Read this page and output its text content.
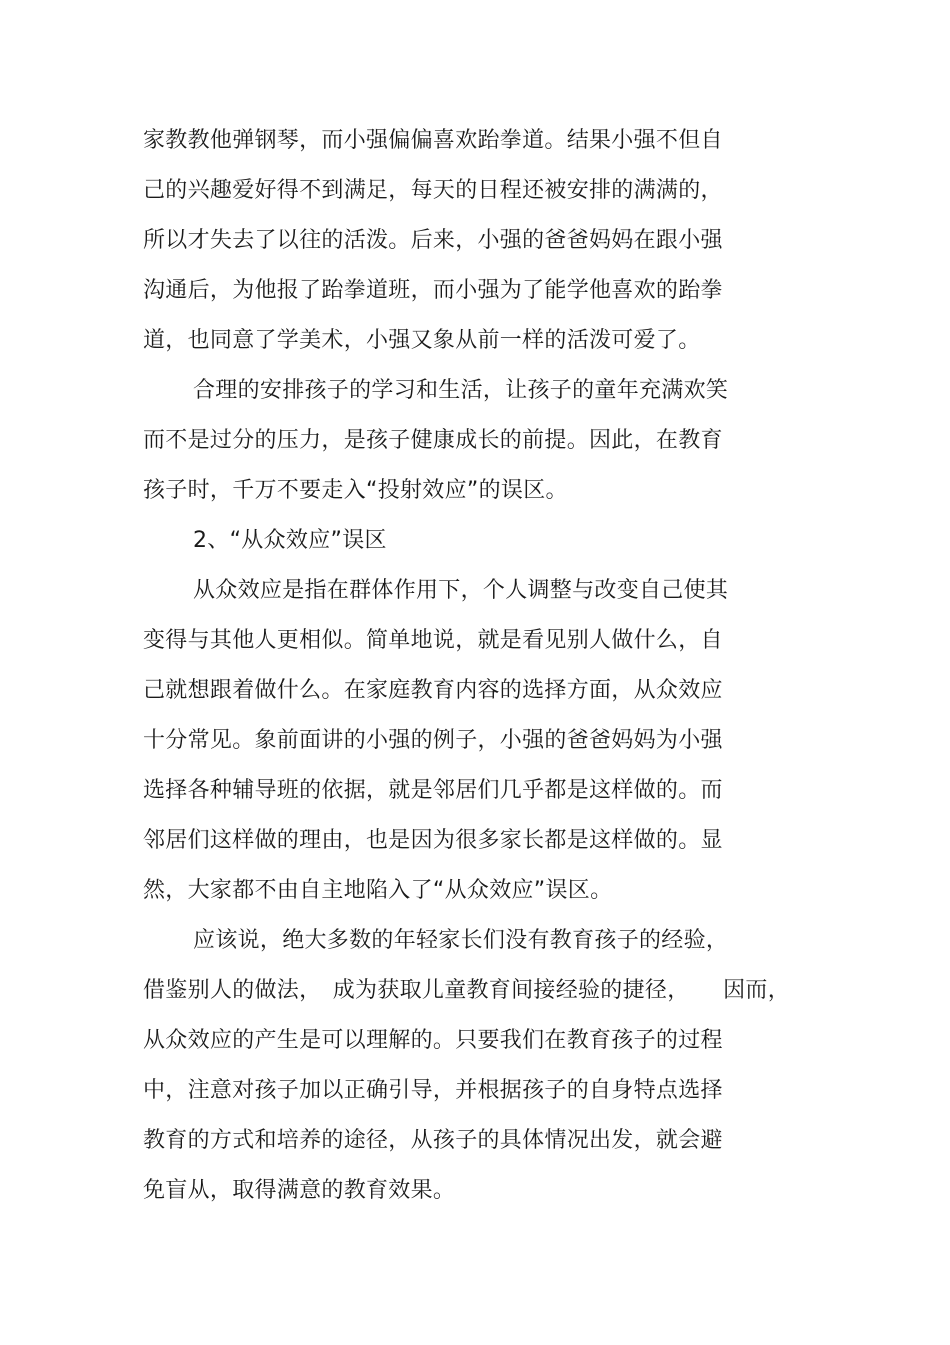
家教教他弹钢琴，而小强偏偏喜欢跆拳道。结果小强不但自
己的兴趣爱好得不到满足，每天的日程还被安排的满满的，
所以才失去了以往的活泼。后来，小强的爸爸妈妈在跟小强
沟通后，为他报了跆拳道班，而小强为了能学他喜欢的跆拳
道，也同意了学美术，小强又象从前一样的活泼可爱了。
合理的安排孩子的学习和生活，让孩子的童年充满欢笑
而不是过分的压力，是孩子健康成长的前提。因此，在教育
孩子时，千万不要走入“投射效应”的误区。
2、“从众效应”误区
从众效应是指在群体作用下，个人调整与改变自己使其
变得与其他人更相似。简单地说，就是看见别人做什么，自
己就想跟着做什么。在家庭教育内容的选择方面，从众效应
十分常见。象前面讲的小强的例子，小强的爸爸妈妈为小强
选择各种辅导班的依据，就是邻居们几乎都是这样做的。而
邻居们这样做的理由，也是因为很多家长都是这样做的。显
然，大家都不由自主地陷入了“从众效应”误区。
应该说，绝大多数的年轻家长们没有教育孩子的经验，
借鉴别人的做法，　成为获取儿童教育间接经验的捷径，　　因而，
从众效应的产生是可以理解的。只要我们在教育孩子的过程
中，注意对孩子加以正确引导，并根据孩子的自身特点选择
教育的方式和培养的途径，从孩子的具体情况出发，就会避
免盲从，取得满意的教育效果。
